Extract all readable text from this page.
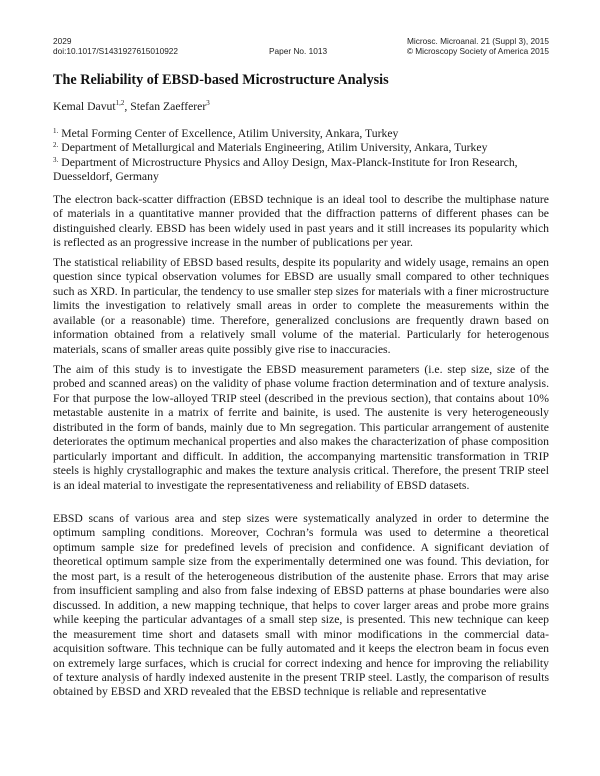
2029
doi:10.1017/S1431927615010922	Paper No. 1013
Microsc. Microanal. 21 (Suppl 3), 2015
© Microscopy Society of America 2015
The Reliability of EBSD-based Microstructure Analysis
Kemal Davut$^{1,2}$, Stefan Zaefferer$^3$
$^{1.}$ Metal Forming Center of Excellence, Atilim University, Ankara, Turkey
$^{2.}$ Department of Metallurgical and Materials Engineering, Atilim University, Ankara, Turkey
$^{3.}$ Department of Microstructure Physics and Alloy Design, Max-Planck-Institute for Iron Research, Duesseldorf, Germany

The electron back-scatter diffraction (EBSD technique is an ideal tool to describe the multiphase nature of materials in a quantitative manner provided that the diffraction patterns of different phases can be distinguished clearly. EBSD has been widely used in past years and it still increases its popularity which is reflected as an progressive increase in the number of publications per year.

The statistical reliability of EBSD based results, despite its popularity and widely usage, remains an open question since typical observation volumes for EBSD are usually small compared to other techniques such as XRD. In particular, the tendency to use smaller step sizes for materials with a finer microstructure limits the investigation to relatively small areas in order to complete the measurements within the available (or a reasonable) time. Therefore, generalized conclusions are frequently drawn based on information obtained from a relatively small volume of the material. Particularly for heterogenous materials, scans of smaller areas quite possibly give rise to inaccuracies.

The aim of this study is to investigate the EBSD measurement parameters (i.e. step size, size of the probed and scanned areas) on the validity of phase volume fraction determination and of texture analysis. For that purpose the low-alloyed TRIP steel (described in the previous section), that contains about 10% metastable austenite in a matrix of ferrite and bainite, is used. The austenite is very heterogeneously distributed in the form of bands, mainly due to Mn segregation. This particular arrangement of austenite deteriorates the optimum mechanical properties and also makes the characterization of phase composition particularly important and difficult. In addition, the accompanying martensitic transformation in TRIP steels is highly crystallographic and makes the texture analysis critical. Therefore, the present TRIP steel is an ideal material to investigate the representativeness and reliability of EBSD datasets.

EBSD scans of various area and step sizes were systematically analyzed in order to determine the optimum sampling conditions. Moreover, Cochran’s formula was used to determine a theoretical optimum sample size for predefined levels of precision and confidence. A significant deviation of theoretical optimum sample size from the experimentally determined one was found. This deviation, for the most part, is a result of the heterogeneous distribution of the austenite phase. Errors that may arise from insufficient sampling and also from false indexing of EBSD patterns at phase boundaries were also discussed. In addition, a new mapping technique, that helps to cover larger areas and probe more grains while keeping the particular advantages of a small step size, is presented. This new technique can keep the measurement time short and datasets small with minor modifications in the commercial data-acquisition software. This technique can be fully automated and it keeps the electron beam in focus even on extremely large surfaces, which is crucial for correct indexing and hence for improving the reliability of texture analysis of hardly indexed austenite in the present TRIP steel. Lastly, the comparison of results obtained by EBSD and XRD revealed that the EBSD technique is reliable and representative
